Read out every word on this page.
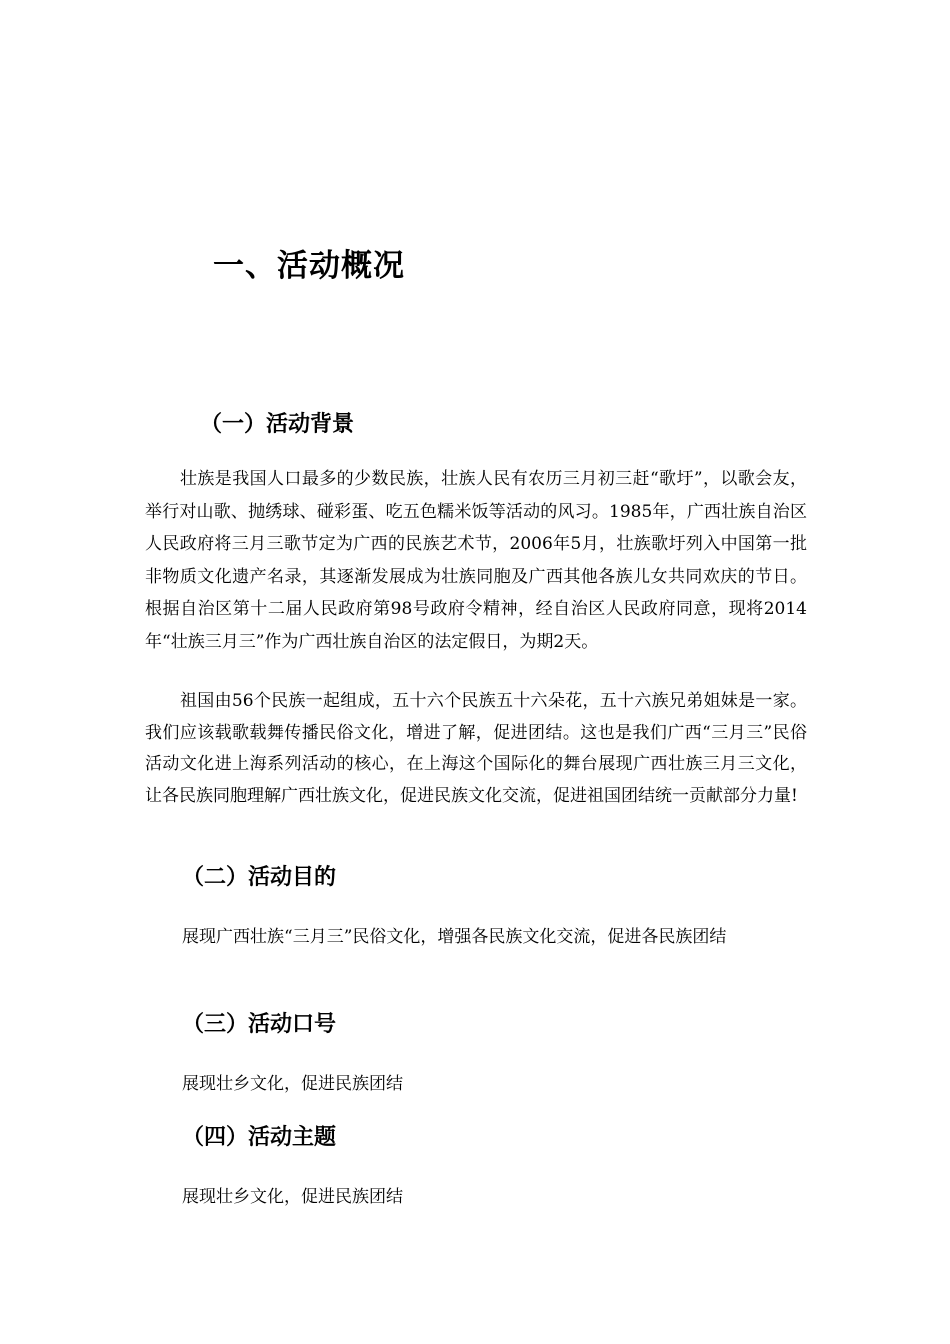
一、活动概况
（一）活动背景

壮族是我国人口最多的少数民族，壮族人民有农历三月初三赶“歌圩”，以歌会友，举行对山歌、抛绣球、碰彩蛋、吃五色糯米饭等活动的风习。1985年，广西壮族自治区人民政府将三月三歌节定为广西的民族艺术节，2006年5月，壮族歌圩列入中国第一批非物质文化遗产名录，其逐渐发展成为壮族同胞及广西其他各族儿女共同欢庆的节日。根据自治区第十二届人民政府第98号政府令精神，经自治区人民政府同意，现将2014年“壮族三月三”作为广西壮族自治区的法定假日，为期2天。

祖国由56个民族一起组成，五十六个民族五十六朵花，五十六族兄弟姐妹是一家。我们应该载歌载舞传播民俗文化，增进了解，促进团结。这也是我们广西“三月三”民俗活动文化进上海系列活动的核心，在上海这个国际化的舞台展现广西壮族三月三文化，让各民族同胞理解广西壮族文化，促进民族文化交流，促进祖国团结统一贡献部分力量!

（二）活动目的
展现广西壮族“三月三”民俗文化，增强各民族文化交流，促进各民族团结
（三）活动口号
展现壮乡文化，促进民族团结
（四）活动主题
展现壮乡文化，促进民族团结
